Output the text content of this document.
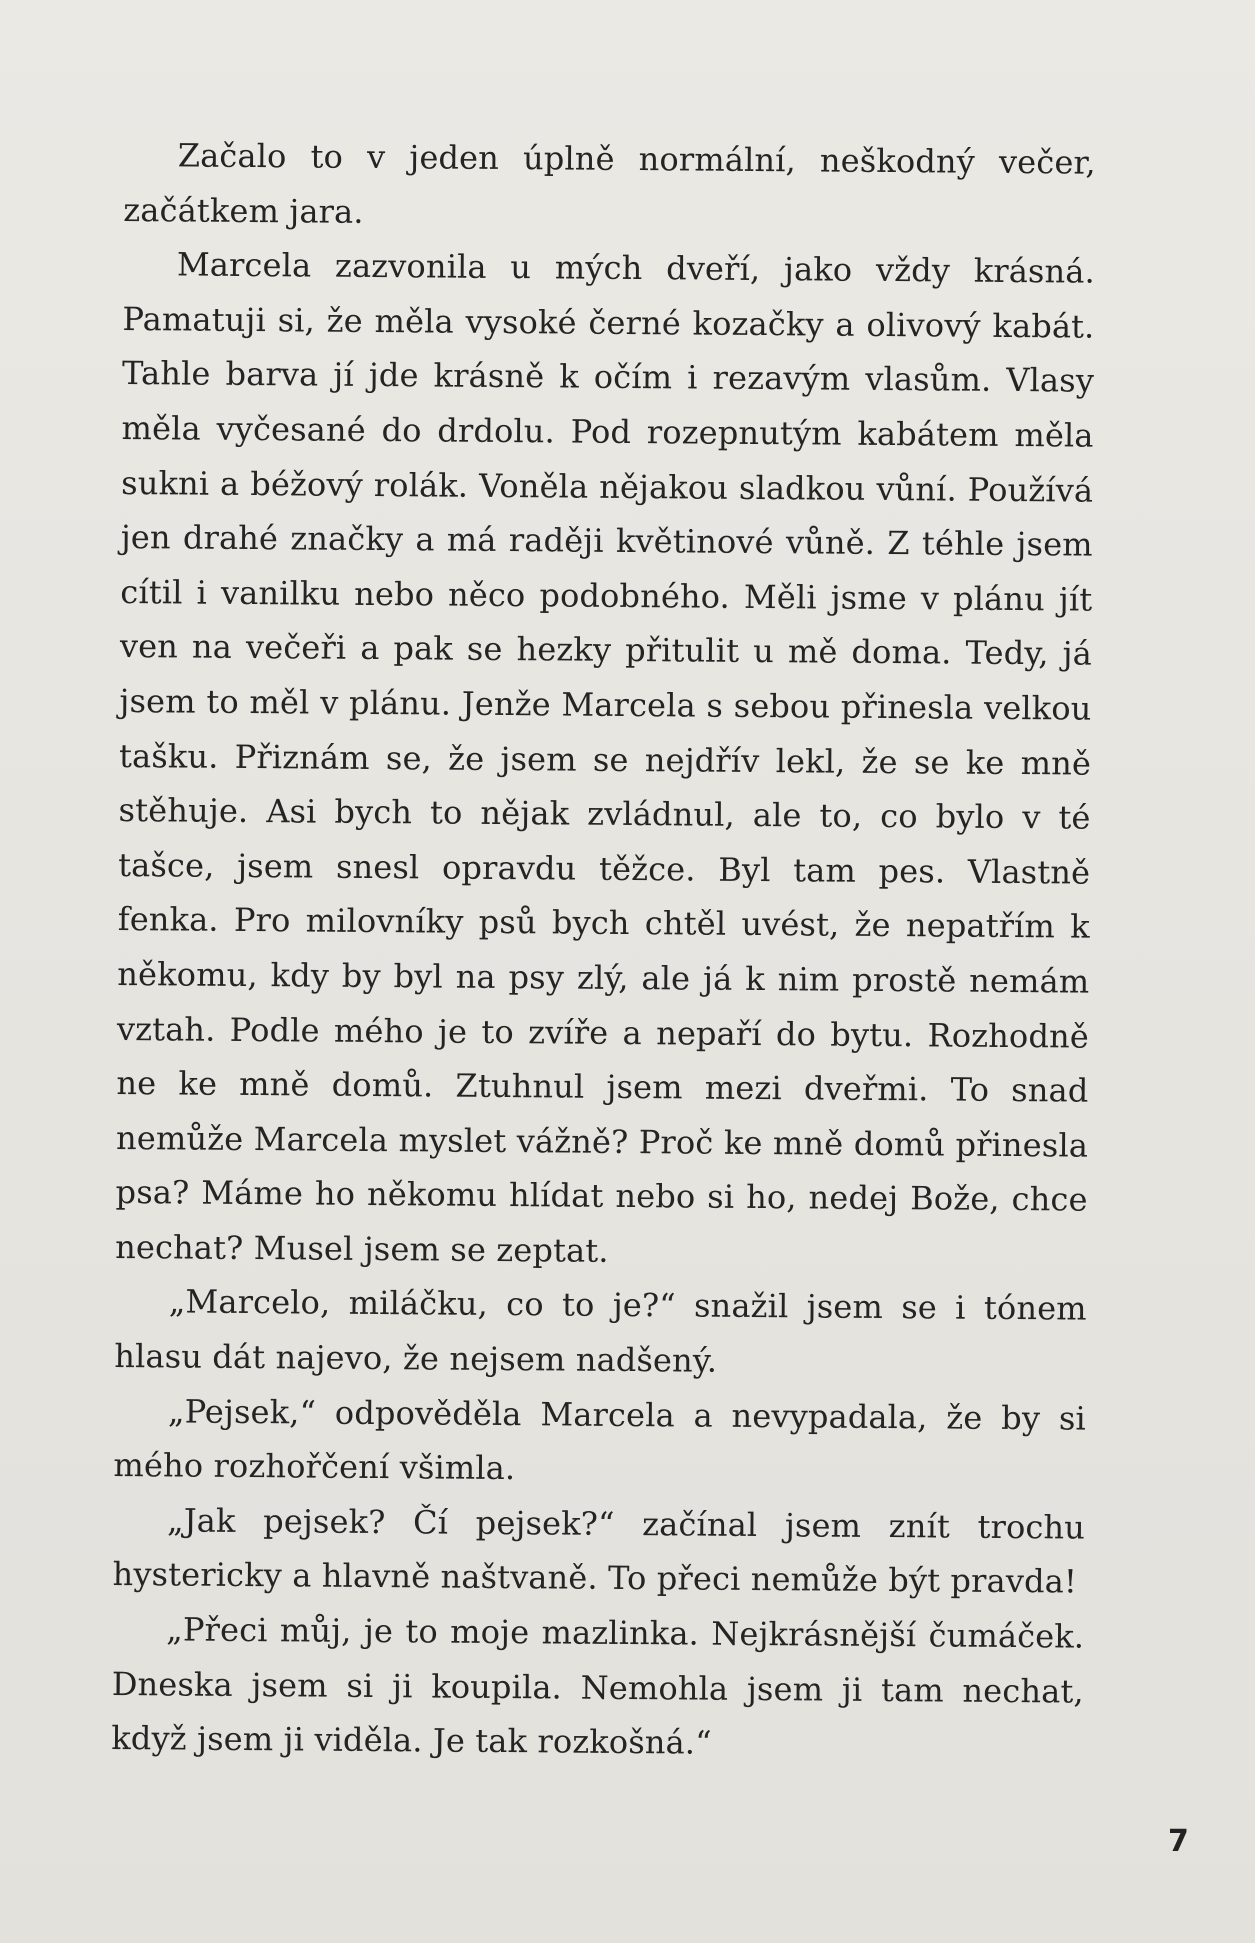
Začalo to v jeden úplně normální, neškodný večer, začátkem jara.

Marcela zazvonila u mých dveří, jako vždy krásná. Pamatuji si, že měla vysoké černé kozačky a olivový kabát. Tahle barva jí jde krásně k očím i rezavým vlasům. Vlasy měla vyčesané do drdolu. Pod rozepnutým kabátem měla sukni a béžový rolák. Voněla nějakou sladkou vůní. Používá jen drahé značky a má raději květinové vůně. Z téhle jsem cítil i vanilku nebo něco podobného. Měli jsme v plánu jít ven na večeři a pak se hezky přitulit u mě doma. Tedy, já jsem to měl v plánu. Jenže Marcela s sebou přinesla velkou tašku. Přiznám se, že jsem se nejdřív lekl, že se ke mně stěhuje. Asi bych to nějak zvládnul, ale to, co bylo v té tašce, jsem snesl opravdu těžce. Byl tam pes. Vlastně fenka. Pro milovníky psů bych chtěl uvést, že nepatřím k někomu, kdy by byl na psy zlý, ale já k nim prostě nemám vztah. Podle mého je to zvíře a nepaří do bytu. Rozhodně ne ke mně domů. Ztuhnul jsem mezi dveřmi. To snad nemůže Marcela myslet vážně? Proč ke mně domů přinesla psa? Máme ho někomu hlídat nebo si ho, nedej Bože, chce nechat? Musel jsem se zeptat.

„Marcelo, miláčku, co to je?“ snažil jsem se i tónem hlasu dát najevo, že nejsem nadšený.

„Pejsek,“ odpověděla Marcela a nevypadala, že by si mého rozhořčení všimla.

„Jak pejsek? Čí pejsek?“ začínal jsem znít trochu hystericky a hlavně naštvaně. To přeci nemůže být pravda!

„Přeci můj, je to moje mazlinka. Nejkrásnější čumáček. Dneska jsem si ji koupila. Nemohla jsem ji tam nechat, když jsem ji viděla. Je tak rozkošná.“

7
